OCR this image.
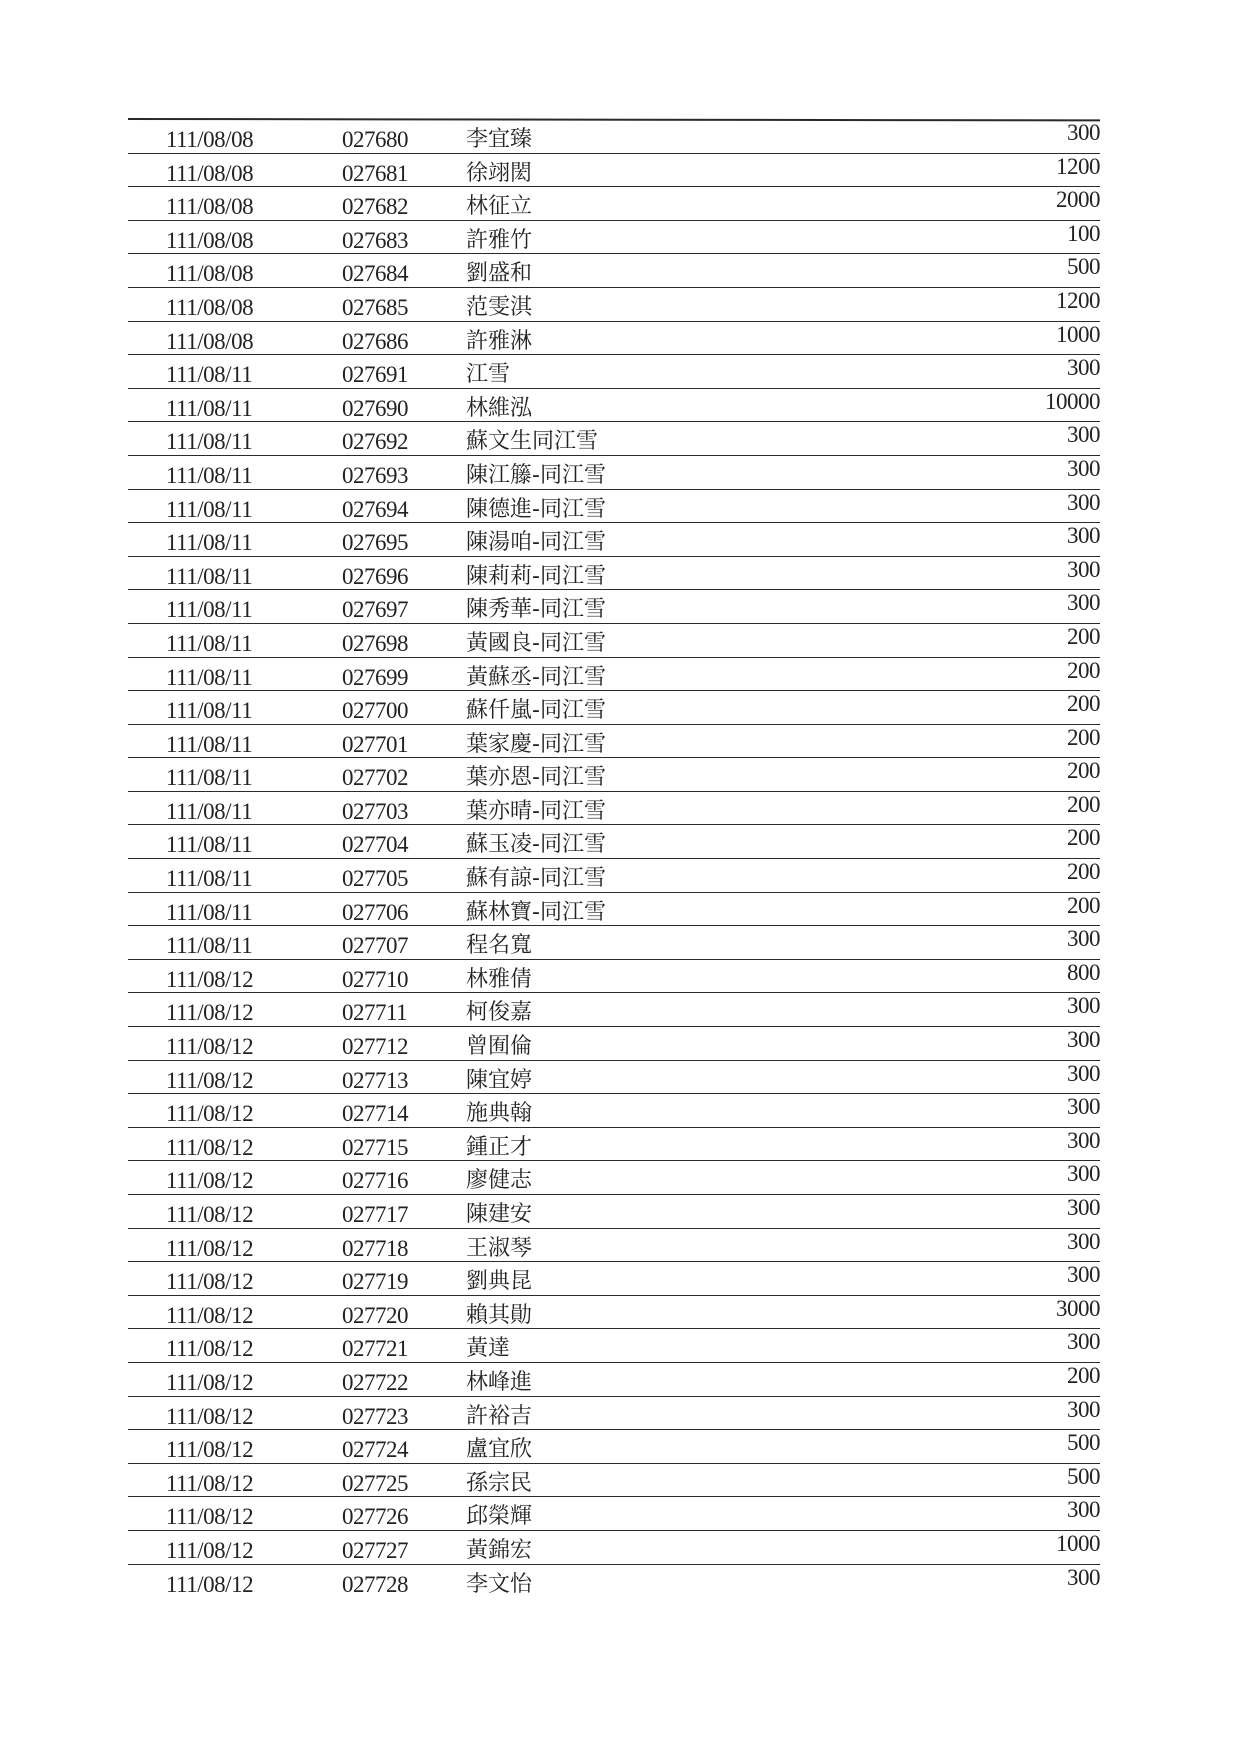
111/08/08	027680	李宜臻	300
111/08/08	027681	徐翊閎	1200
111/08/08	027682	林征立	2000
111/08/08	027683	許雅竹	100
111/08/08	027684	劉盛和	500
111/08/08	027685	范雯淇	1200
111/08/08	027686	許雅淋	1000
111/08/11	027691	江雪	300
111/08/11	027690	林維泓	10000
111/08/11	027692	蘇文生同江雪	300
111/08/11	027693	陳江籐-同江雪	300
111/08/11	027694	陳德進-同江雪	300
111/08/11	027695	陳湯咱-同江雪	300
111/08/11	027696	陳莉莉-同江雪	300
111/08/11	027697	陳秀華-同江雪	300
111/08/11	027698	黃國良-同江雪	200
111/08/11	027699	黃蘇丞-同江雪	200
111/08/11	027700	蘇仟嵐-同江雪	200
111/08/11	027701	葉家慶-同江雪	200
111/08/11	027702	葉亦恩-同江雪	200
111/08/11	027703	葉亦晴-同江雪	200
111/08/11	027704	蘇玉凌-同江雪	200
111/08/11	027705	蘇有諒-同江雪	200
111/08/11	027706	蘇林寶-同江雪	200
111/08/11	027707	程名寬	300
111/08/12	027710	林雅倩	800
111/08/12	027711	柯俊嘉	300
111/08/12	027712	曾囿倫	300
111/08/12	027713	陳宜婷	300
111/08/12	027714	施典翰	300
111/08/12	027715	鍾正才	300
111/08/12	027716	廖健志	300
111/08/12	027717	陳建安	300
111/08/12	027718	王淑琴	300
111/08/12	027719	劉典昆	300
111/08/12	027720	賴其勛	3000
111/08/12	027721	黃達	300
111/08/12	027722	林峰進	200
111/08/12	027723	許裕吉	300
111/08/12	027724	盧宜欣	500
111/08/12	027725	孫宗民	500
111/08/12	027726	邱榮輝	300
111/08/12	027727	黃錦宏	1000
111/08/12	027728	李文怡	300
